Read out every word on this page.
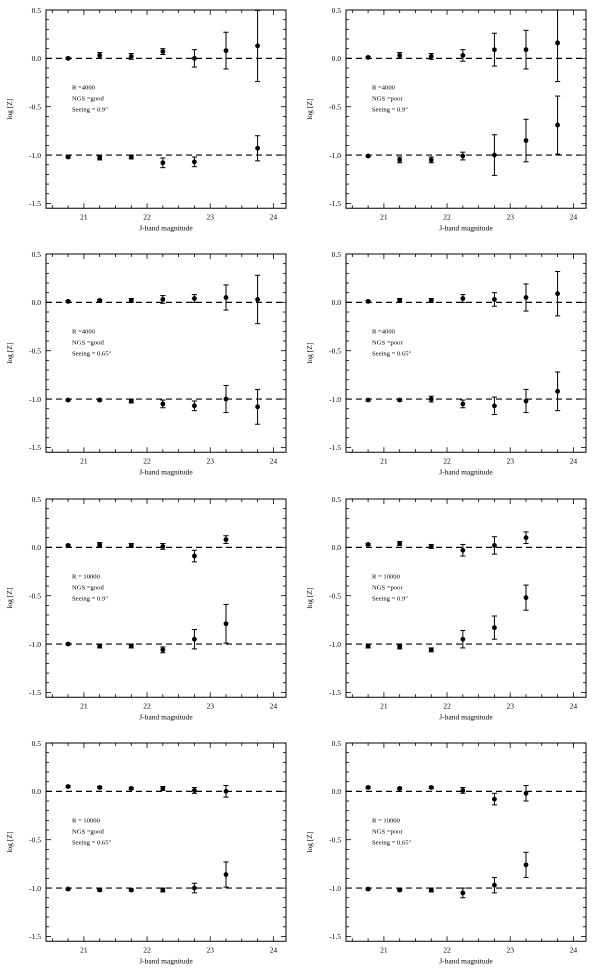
21	22	23	24
0.5
0.0
-0.5
-1.0
-1.5
R =4000
NGS =good
Seeing = 0.9"
J-band magnitude
log [Z]
21	22	23	24
0.5
0.0
-0.5
-1.0
-1.5
R =4000
NGS =poor
Seeing = 0.9"
J-band magnitude
log [Z]
21	22	23	24
0.5
0.0
-0.5
-1.0
-1.5
R =4000
NGS =good
Seeing = 0.65"
J-band magnitude
log [Z]
21	22	23	24
0.5
0.0
-0.5
-1.0
-1.5
R =4000
NGS =poor
Seeing = 0.65"
J-band magnitude
log [Z]
21	22	23	24
0.5
0.0
-0.5
-1.0
-1.5
R = 10000
NGS =good
Seeing = 0.9"
J-band magnitude
log [Z]
21	22	23	24
0.5
0.0
-0.5
-1.0
-1.5
R = 10000
NGS =poor
Seeing = 0.9"
J-band magnitude
log [Z]
21	22	23	24
0.5
0.0
-0.5
-1.0
-1.5
R = 10000
NGS =good
Seeing = 0.65"
J-band magnitude
log [Z]
21	22	23	24
0.5
0.0
-0.5
-1.0
-1.5
R = 10000
NGS =poor
Seeing = 0.65"
J-band magnitude
log [Z]
